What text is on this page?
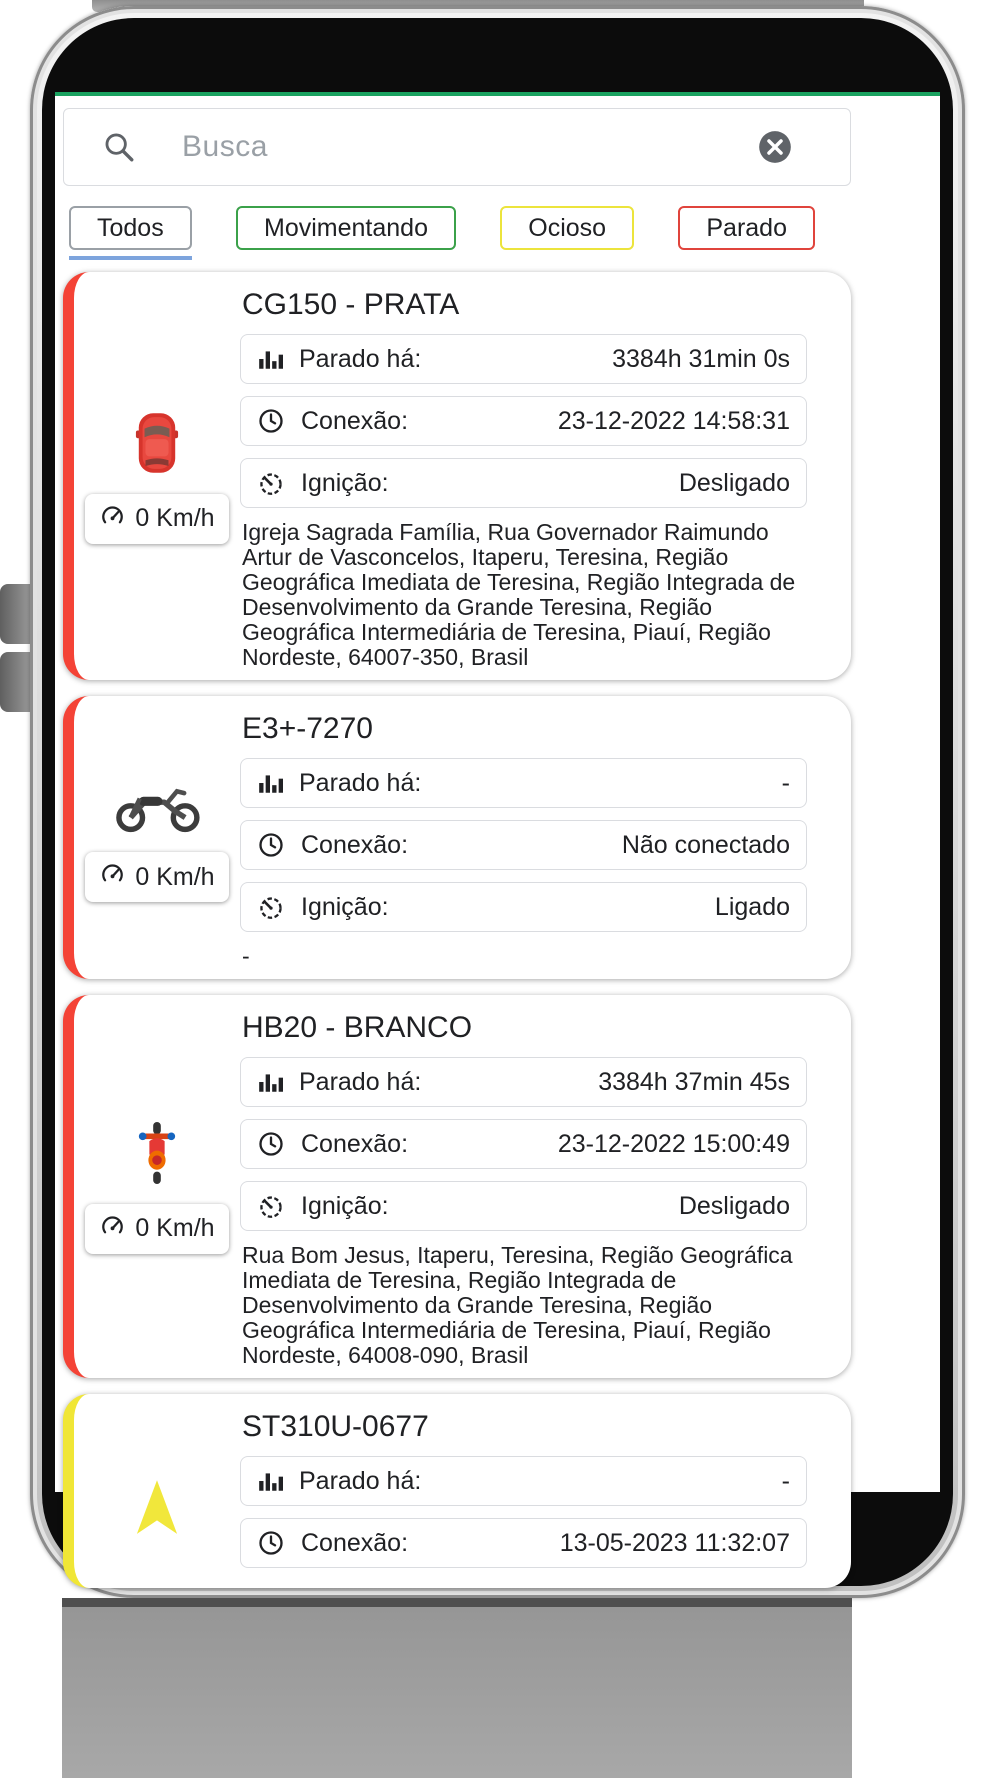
Busca
Todos	Movimentando	Ocioso	Parado
0 Km/h
CG150 - PRATA
Parado há:	3384h 31min 0s
Conexão:	23-12-2022 14:58:31
Ignição:	Desligado

Igreja Sagrada Família, Rua Governador Raimundo Artur de Vasconcelos, Itaperu, Teresina, Região Geográfica Imediata de Teresina, Região Integrada de Desenvolvimento da Grande Teresina, Região Geográfica Intermediária de Teresina, Piauí, Região Nordeste, 64007-350, Brasil

0 Km/h
E3+-7270
Parado há:	-
Conexão:	Não conectado
Ignição:	Ligado

-

0 Km/h
HB20 - BRANCO
Parado há:	3384h 37min 45s
Conexão:	23-12-2022 15:00:49
Ignição:	Desligado

Rua Bom Jesus, Itaperu, Teresina, Região Geográfica Imediata de Teresina, Região Integrada de Desenvolvimento da Grande Teresina, Região Geográfica Intermediária de Teresina, Piauí, Região Nordeste, 64008-090, Brasil

ST310U-0677
Parado há:	-
Conexão:	13-05-2023 11:32:07
